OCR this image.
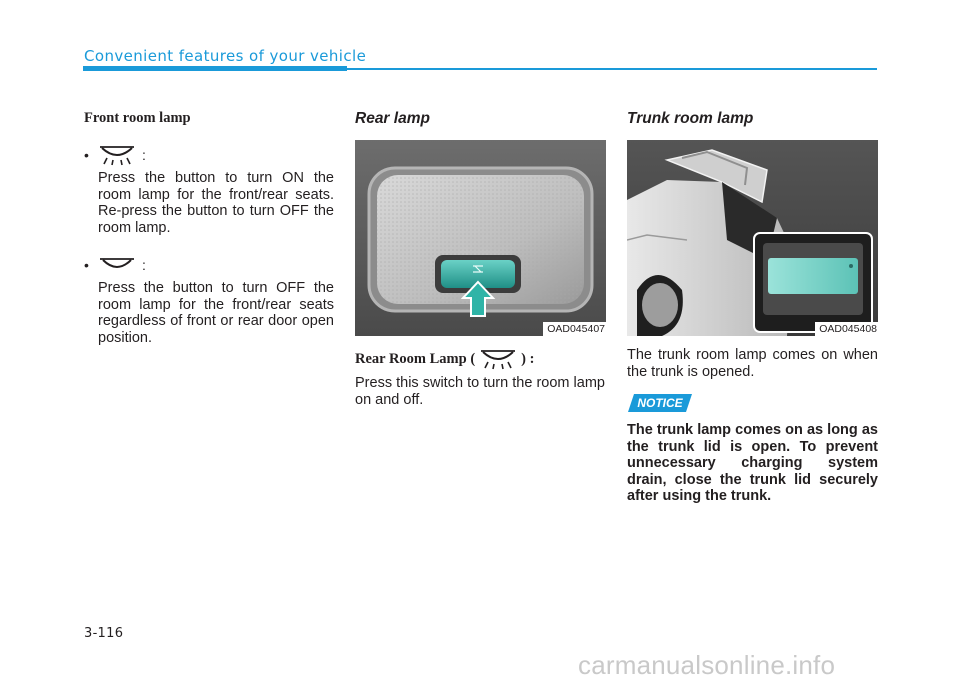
Convenient features of your vehicle
Front room lamp
•	:

Press the button to turn ON the room lamp for the front/rear seats. Re-press the button to turn OFF the room lamp.

•	:

Press the button to turn OFF the room lamp for the front/rear seats regardless of front or rear door open position.

Rear lamp
OAD045407
Rear Room Lamp (	) :

Press this switch to turn the room lamp on and off.

Trunk room lamp
OAD045408

The trunk room lamp comes on when the trunk is opened.

NOTICE

The trunk lamp comes on as long as the trunk lid is open. To prevent unnecessary charging system drain, close the trunk lid securely after using the trunk.

3-116
carmanualsonline.info
